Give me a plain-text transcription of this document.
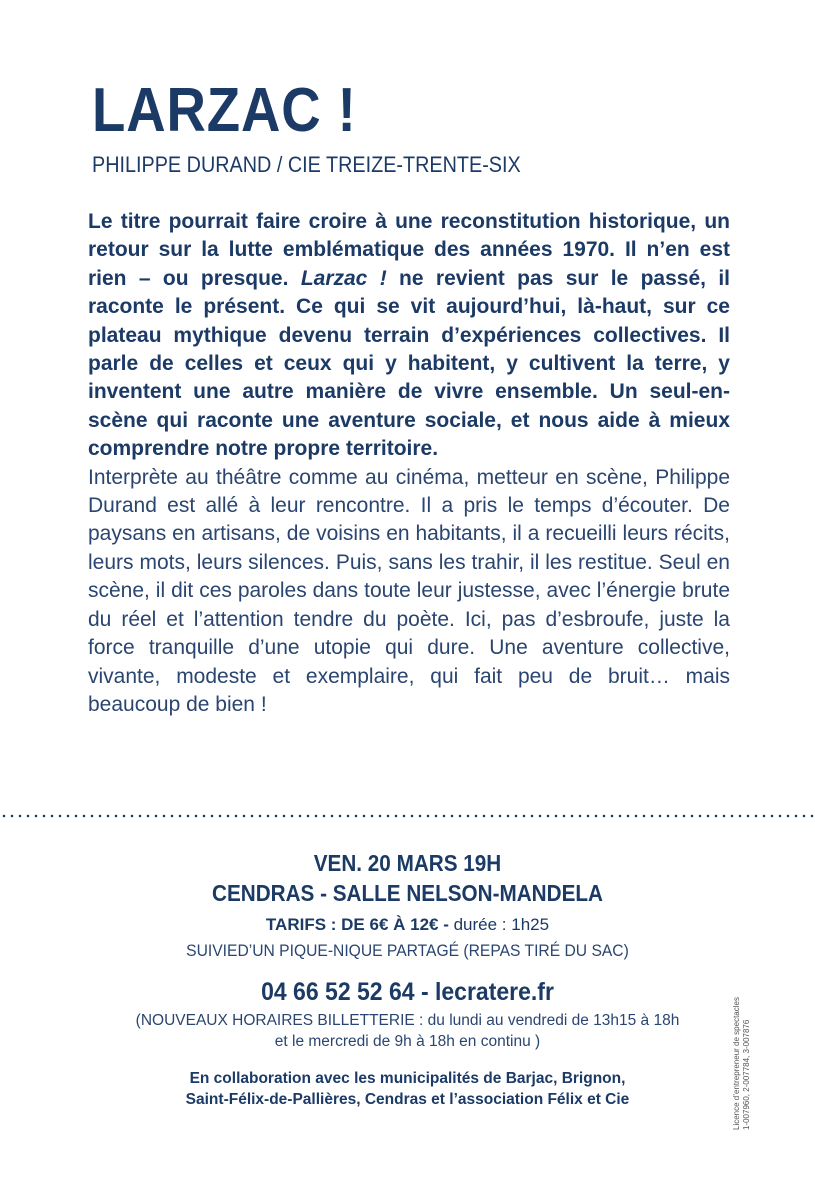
LARZAC !
PHILIPPE DURAND / CIE TREIZE-TRENTE-SIX

Le titre pourrait faire croire à une reconstitution historique, un retour sur la lutte emblématique des années 1970. Il n’en est rien – ou presque. Larzac ! ne revient pas sur le passé, il raconte le présent. Ce qui se vit aujourd’hui, là-haut, sur ce plateau mythique devenu terrain d’expériences collectives. Il parle de celles et ceux qui y habitent, y cultivent la terre, y inventent une autre manière de vivre ensemble. Un seul-en-scène qui raconte une aventure sociale, et nous aide à mieux comprendre notre propre territoire.

Interprète au théâtre comme au cinéma, metteur en scène, Philippe Durand est allé à leur rencontre. Il a pris le temps d’écouter. De paysans en artisans, de voisins en habitants, il a recueilli leurs récits, leurs mots, leurs silences. Puis, sans les trahir, il les restitue. Seul en scène, il dit ces paroles dans toute leur justesse, avec l’énergie brute du réel et l’attention tendre du poète. Ici, pas d’esbroufe, juste la force tranquille d’une utopie qui dure. Une aventure collective, vivante, modeste et exemplaire, qui fait peu de bruit… mais beaucoup de bien !

VEN. 20 MARS 19H
CENDRAS - SALLE NELSON-MANDELA
TARIFS : DE 6€ À 12€ - durée : 1h25
SUIVIED’UN PIQUE-NIQUE PARTAGÉ (REPAS TIRÉ DU SAC)
04 66 52 52 64 - lecratere.fr
(NOUVEAUX HORAIRES BILLETTERIE : du lundi au vendredi de 13h15 à 18h
et le mercredi de 9h à 18h en continu )
En collaboration avec les municipalités de Barjac, Brignon,
Saint-Félix-de-Pallières, Cendras et l’association Félix et Cie	Licence d’entrepreneur de spectacles 1-007960, 2-007784, 3-007876
